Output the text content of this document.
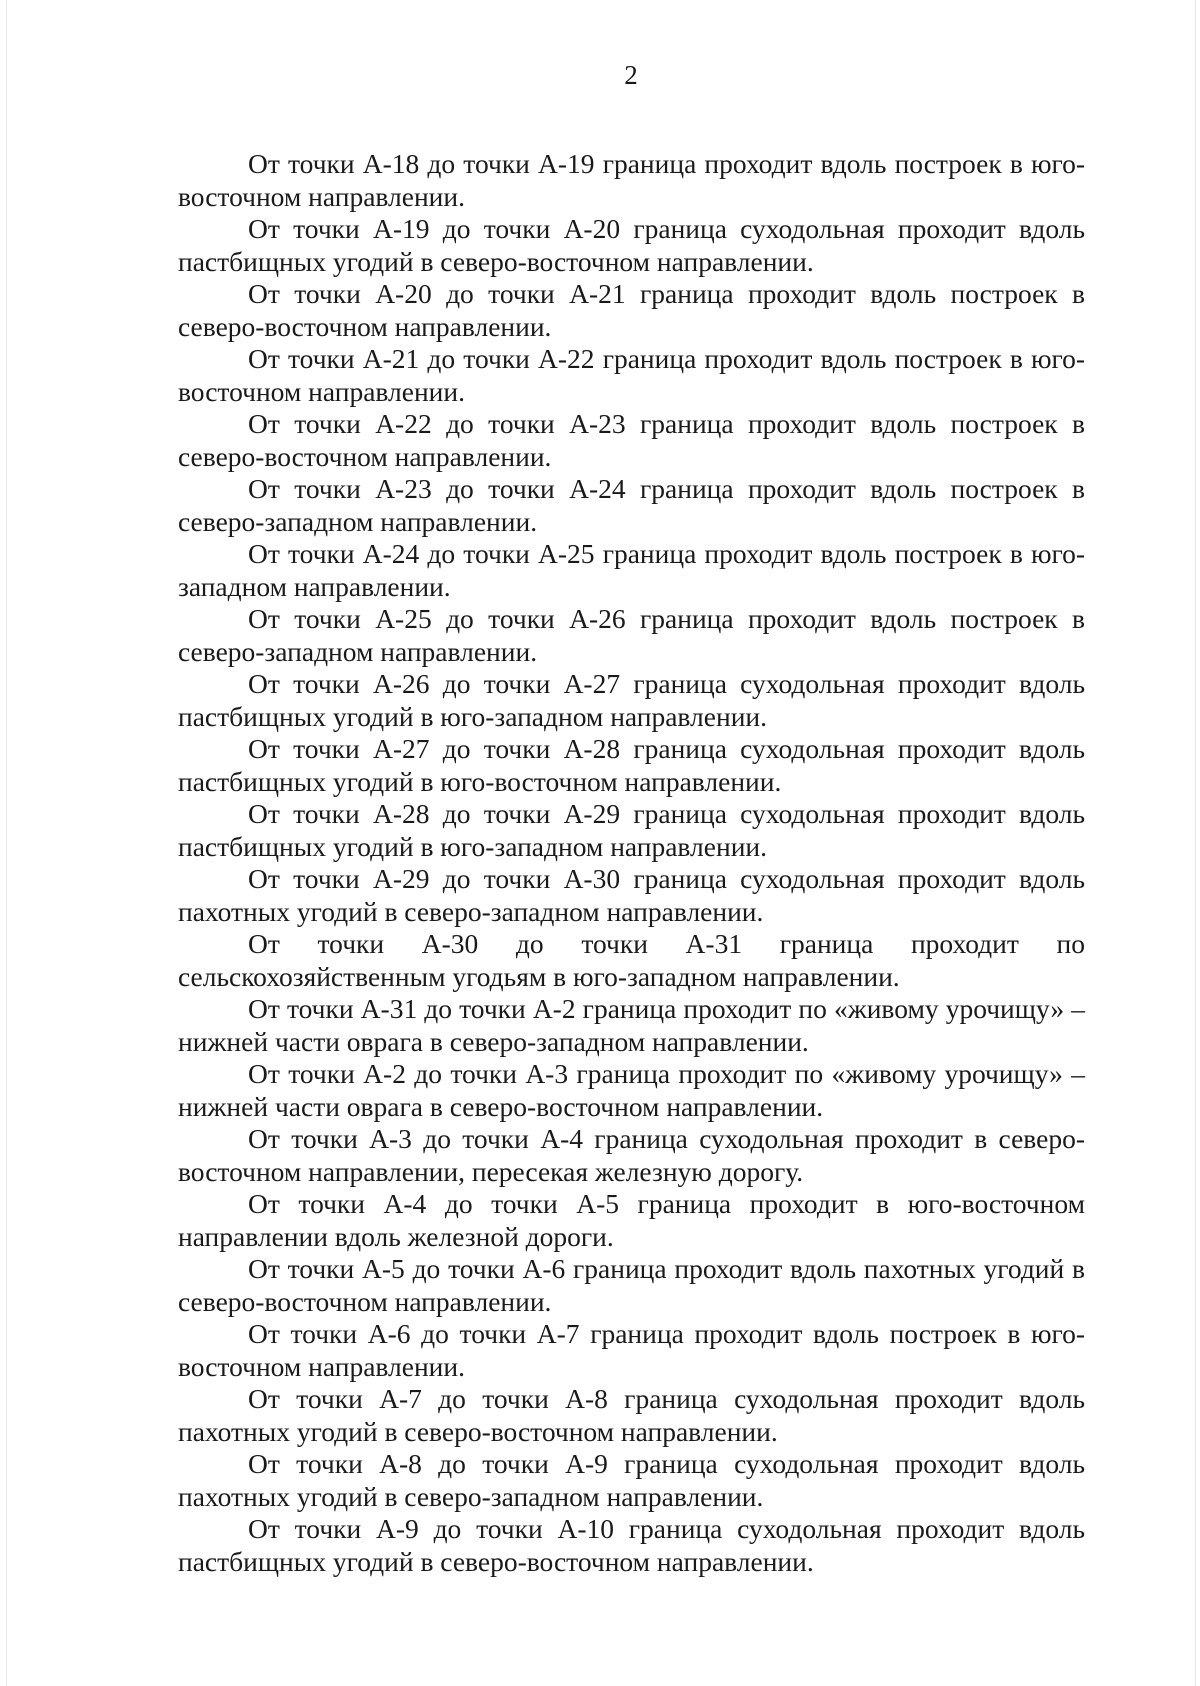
2

От точки А-18 до точки А-19 граница проходит вдоль построек в юго-восточном направлении.

От точки А-19 до точки А-20 граница суходольная проходит вдоль пастбищных угодий в северо-восточном направлении.

От точки А-20 до точки А-21 граница проходит вдоль построек в северо-восточном направлении.

От точки А-21 до точки А-22 граница проходит вдоль построек в юго-восточном направлении.

От точки А-22 до точки А-23 граница проходит вдоль построек в северо-восточном направлении.

От точки А-23 до точки А-24 граница проходит вдоль построек в северо-западном направлении.

От точки А-24 до точки А-25 граница проходит вдоль построек в юго-западном направлении.

От точки А-25 до точки А-26 граница проходит вдоль построек в северо-западном направлении.

От точки А-26 до точки А-27 граница суходольная проходит вдоль пастбищных угодий в юго-западном направлении.

От точки А-27 до точки А-28 граница суходольная проходит вдоль пастбищных угодий в юго-восточном направлении.

От точки А-28 до точки А-29 граница суходольная проходит вдоль пастбищных угодий в юго-западном направлении.

От точки А-29 до точки А-30 граница суходольная проходит вдоль пахотных угодий в северо-западном направлении.

От точки А-30 до точки А-31 граница проходит по сельскохозяйственным угодьям в юго-западном направлении.

От точки А-31 до точки А-2 граница проходит по «живому урочищу» – нижней части оврага в северо-западном направлении.

От точки А-2 до точки А-3 граница проходит по «живому урочищу» – нижней части оврага в северо-восточном направлении.

От точки А-3 до точки А-4 граница суходольная проходит в северо-восточном направлении, пересекая железную дорогу.

От точки А-4 до точки А-5 граница проходит в юго-восточном направлении вдоль железной дороги.

От точки А-5 до точки А-6 граница проходит вдоль пахотных угодий в северо-восточном направлении.

От точки А-6 до точки А-7 граница проходит вдоль построек в юго-восточном направлении.

От точки А-7 до точки А-8 граница суходольная проходит вдоль пахотных угодий в северо-восточном направлении.

От точки А-8 до точки А-9 граница суходольная проходит вдоль пахотных угодий в северо-западном направлении.

От точки А-9 до точки А-10 граница суходольная проходит вдоль пастбищных угодий в северо-восточном направлении.
